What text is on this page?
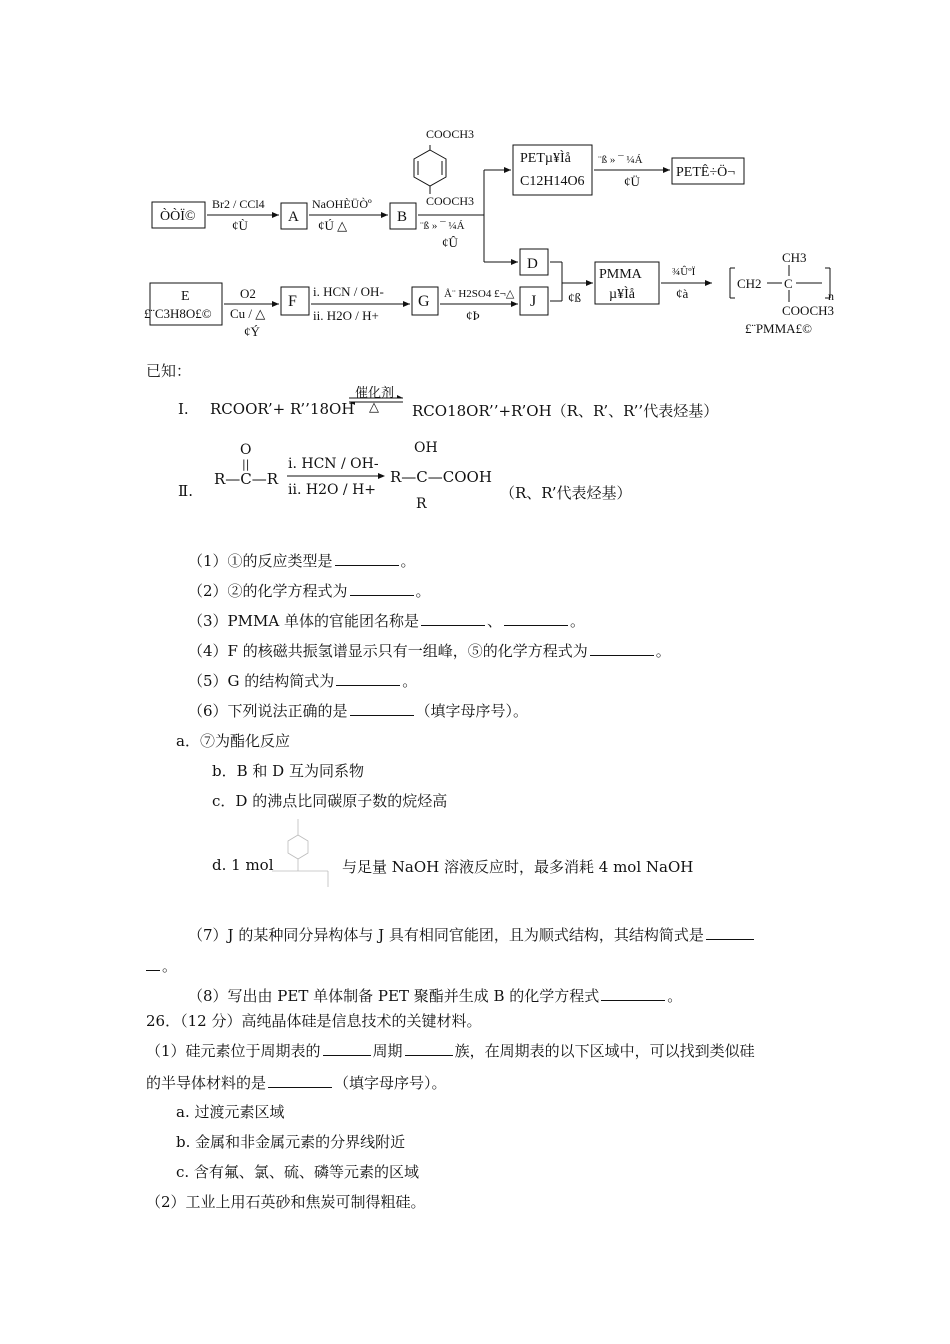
ÒÒÏ©	A	B
COOCH3
COOCH3
PETµ¥Ìå
C12H14O6
PETÊ÷Ö¬
D
PMMA
µ¥Ìå
E
£¨C3H8O£©
F	G	J
Br2 / CCl4
¢Ù
NaOHÈÜÒº
¢Ú △	¨ß » ¯ ¼Á
¢Û
¨ß » ¯ ¼Á
¢Ü
O2
Cu / △
¢Ý
i. HCN / OH-
ii. H2O / H+
Å¨ H2SO4 £¬△
¢Þ
¢ß
¾ÛºÏ
¢à
CH3
CH2 C
n
COOCH3
£¨PMMA£©
已知：
Ⅰ. RCOOR’+ R’’18OH
催化剂
△ RCO18OR’’+R’OH（R、R’、R’’代表烃基）
Ⅱ.
O
||
R—C—R
i. HCN / OH-
ii. H2O / H+
OH
R—C—COOH
R
（R、R’代表烃基）
（1）①的反应类型是	。
（2）②的化学方程式为	。
（3）PMMA 单体的官能团名称是	、	。
（4）F 的核磁共振氢谱显示只有一组峰，⑤的化学方程式为	。
（5）G 的结构简式为	。
（6）下列说法正确的是	（填字母序号）。
a．⑦为酯化反应
b．B 和 D 互为同系物
c．D 的沸点比同碳原子数的烷烃高
d. 1 mol	与足量 NaOH 溶液反应时，最多消耗 4 mol NaOH
（7）J 的某种同分异构体与 J 具有相同官能团，且为顺式结构，其结构简式是
。
（8）写出由 PET 单体制备 PET 聚酯并生成 B 的化学方程式	。
26．（12 分）高纯晶体硅是信息技术的关键材料。
（1）硅元素位于周期表的	周期	族，在周期表的以下区域中，可以找到类似硅
的半导体材料的是	（填字母序号）。
a. 过渡元素区域
b. 金属和非金属元素的分界线附近
c. 含有氟、氯、硫、磷等元素的区域
（2）工业上用石英砂和焦炭可制得粗硅。
